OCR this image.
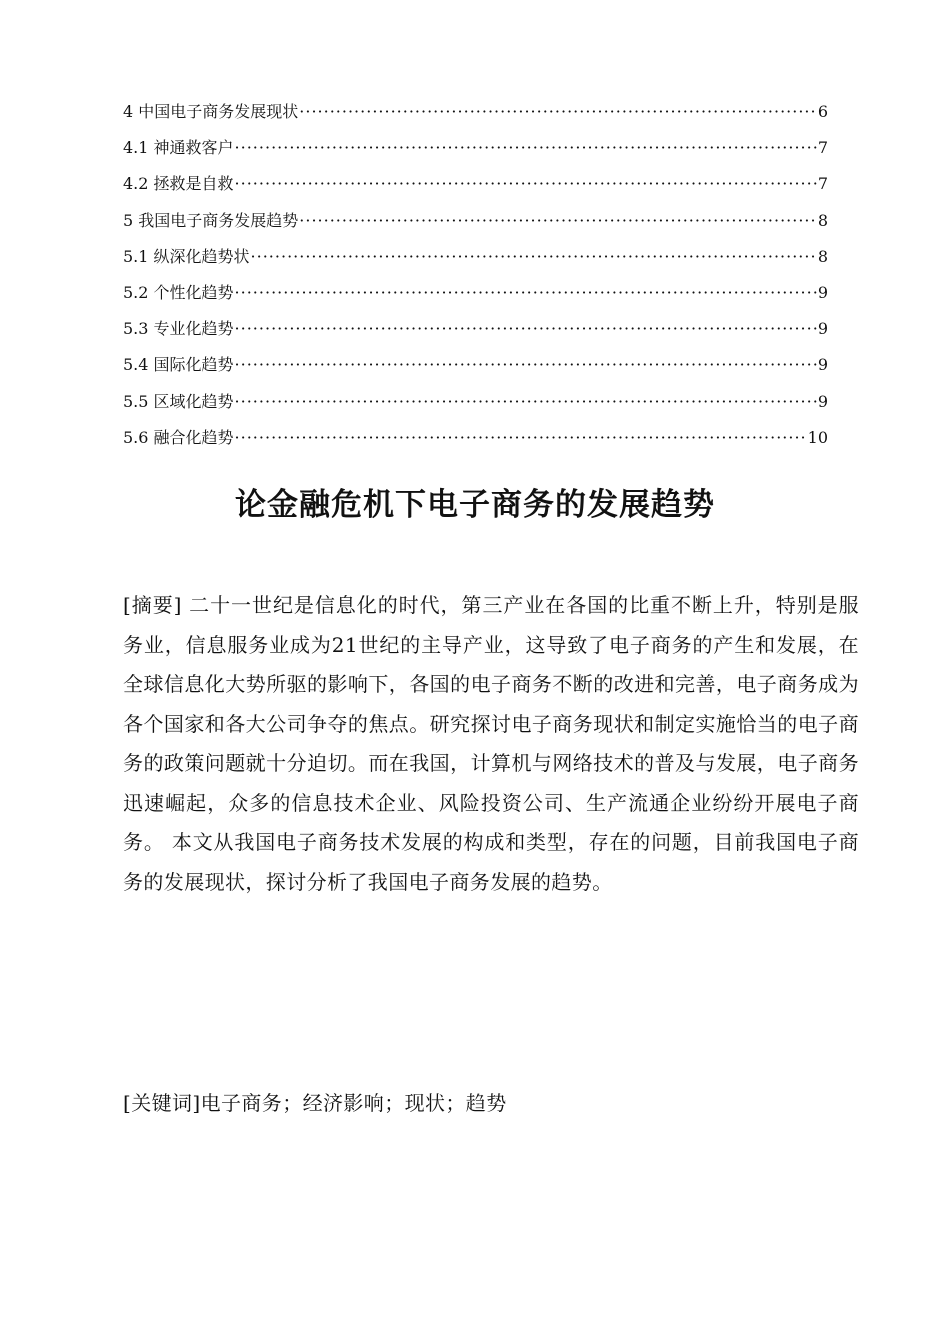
4 中国电子商务发展现状 ·····	6
4.1 神通救客户 ·····	7
4.2 拯救是自救 ·····	7
5 我国电子商务发展趋势 ·····	8
5.1 纵深化趋势状 ·····	8
5.2 个性化趋势 ·····	9
5.3 专业化趋势 ·····	9
5.4 国际化趋势 ·····	9
5.5 区域化趋势 ·····	9
5.6 融合化趋势 ·····	10
论金融危机下电子商务的发展趋势

[摘要] 二十一世纪是信息化的时代，第三产业在各国的比重不断上升，特别是服务业，信息服务业成为21世纪的主导产业，这导致了电子商务的产生和发展，在全球信息化大势所驱的影响下，各国的电子商务不断的改进和完善，电子商务成为各个国家和各大公司争夺的焦点。研究探讨电子商务现状和制定实施恰当的电子商务的政策问题就十分迫切。而在我国，计算机与网络技术的普及与发展，电子商务迅速崛起，众多的信息技术企业、风险投资公司、生产流通企业纷纷开展电子商务。 本文从我国电子商务技术发展的构成和类型，存在的问题，目前我国电子商务的发展现状，探讨分析了我国电子商务发展的趋势。

[关键词]电子商务；经济影响；现状；趋势
